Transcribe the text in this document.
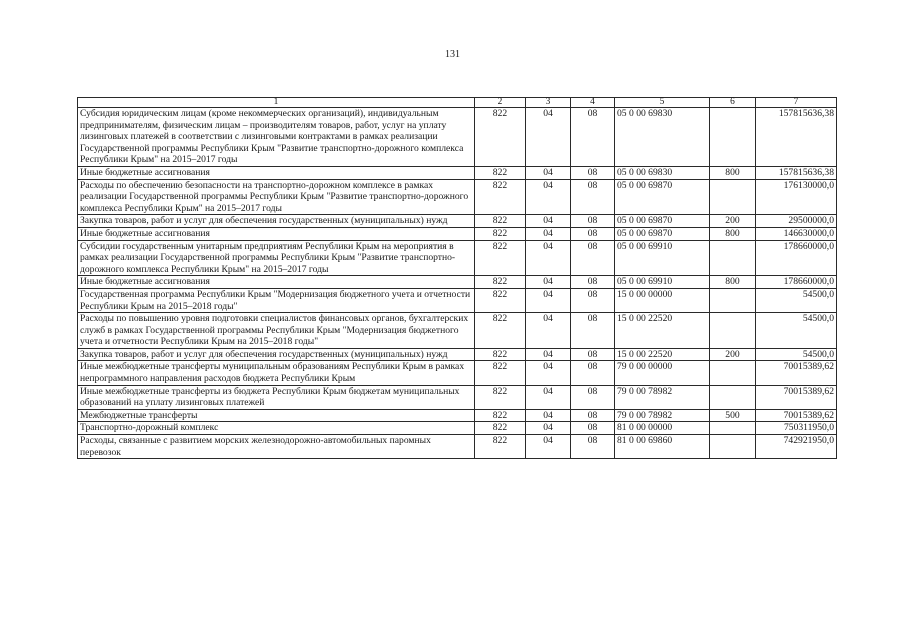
131
1	2	3	4	5	6	7
Субсидия юридическим лицам (кроме некоммерческих организаций), индивидуальным предпринимателям, физическим лицам – производителям товаров, работ, услуг на уплату лизинговых платежей в соответствии с лизинговыми контрактами в рамках реализации Государственной программы Республики Крым "Развитие транспортно-дорожного комплекса Республики Крым" на 2015–2017 годы	822	04	08	05 0 00 69830		157815636,38
Иные бюджетные ассигнования	822	04	08	05 0 00 69830	800	157815636,38
Расходы по обеспечению безопасности на транспортно-дорожном комплексе в рамках реализации Государственной программы Республики Крым "Развитие транспортно-дорожного комплекса Республики Крым" на 2015–2017 годы	822	04	08	05 0 00 69870		176130000,0
Закупка товаров, работ и услуг для обеспечения государственных (муниципальных) нужд	822	04	08	05 0 00 69870	200	29500000,0
Иные бюджетные ассигнования	822	04	08	05 0 00 69870	800	146630000,0
Субсидии государственным унитарным предприятиям Республики Крым на мероприятия в рамках реализации Государственной программы Республики Крым "Развитие транспортно-дорожного комплекса Республики Крым" на 2015–2017 годы	822	04	08	05 0 00 69910		178660000,0
Иные бюджетные ассигнования	822	04	08	05 0 00 69910	800	178660000,0
Государственная программа Республики Крым "Модернизация бюджетного учета и отчетности Республики Крым на 2015–2018 годы"	822	04	08	15 0 00 00000		54500,0
Расходы по повышению уровня подготовки специалистов финансовых органов, бухгалтерских служб в рамках Государственной программы Республики Крым "Модернизация бюджетного учета и отчетности Республики Крым на 2015–2018 годы"	822	04	08	15 0 00 22520		54500,0
Закупка товаров, работ и услуг для обеспечения государственных (муниципальных) нужд	822	04	08	15 0 00 22520	200	54500,0
Иные межбюджетные трансферты муниципальным образованиям Республики Крым в рамках непрограммного направления расходов бюджета Республики Крым	822	04	08	79 0 00 00000		70015389,62
Иные межбюджетные трансферты из бюджета Республики Крым бюджетам муниципальных образований на уплату лизинговых платежей	822	04	08	79 0 00 78982		70015389,62
Межбюджетные трансферты	822	04	08	79 0 00 78982	500	70015389,62
Транспортно-дорожный комплекс	822	04	08	81 0 00 00000		750311950,0
Расходы, связанные с развитием морских железнодорожно-автомобильных паромных перевозок	822	04	08	81 0 00 69860		742921950,0
